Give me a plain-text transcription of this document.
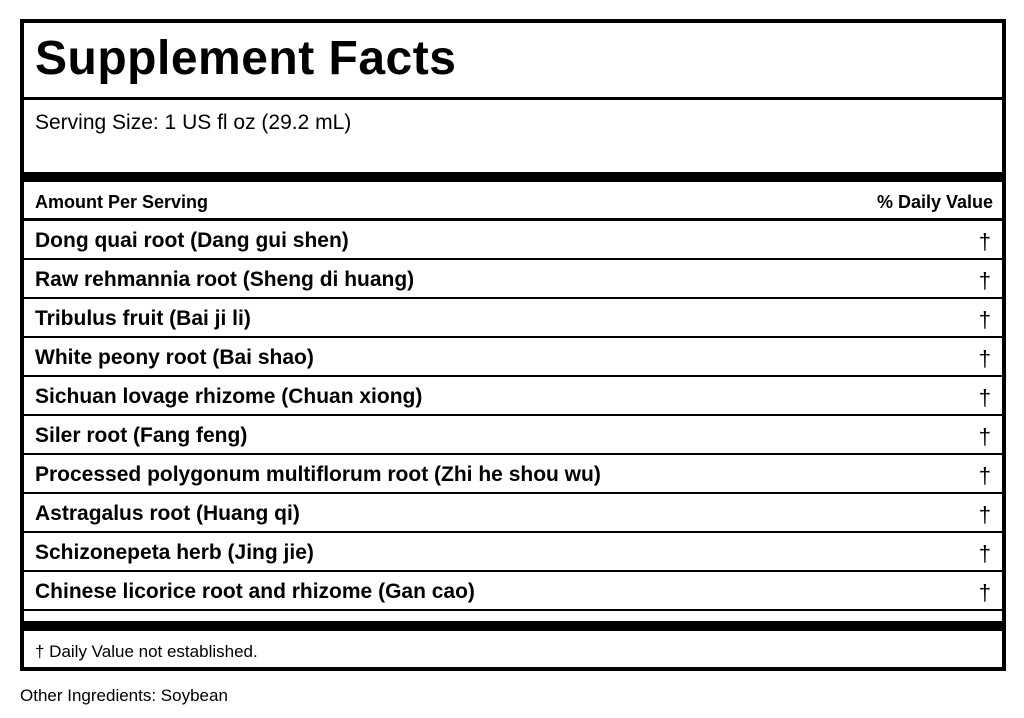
Supplement Facts
Serving Size: 1 US fl oz (29.2 mL)
Amount Per Serving	% Daily Value
Dong quai root (Dang gui shen)	†
Raw rehmannia root (Sheng di huang)	†
Tribulus fruit (Bai ji li)	†
White peony root (Bai shao)	†
Sichuan lovage rhizome (Chuan xiong)	†
Siler root (Fang feng)	†
Processed polygonum multiflorum root (Zhi he shou wu)	†
Astragalus root (Huang qi)	†
Schizonepeta herb (Jing jie)	†
Chinese licorice root and rhizome (Gan cao)	†
† Daily Value not established.
Other Ingredients: Soybean
